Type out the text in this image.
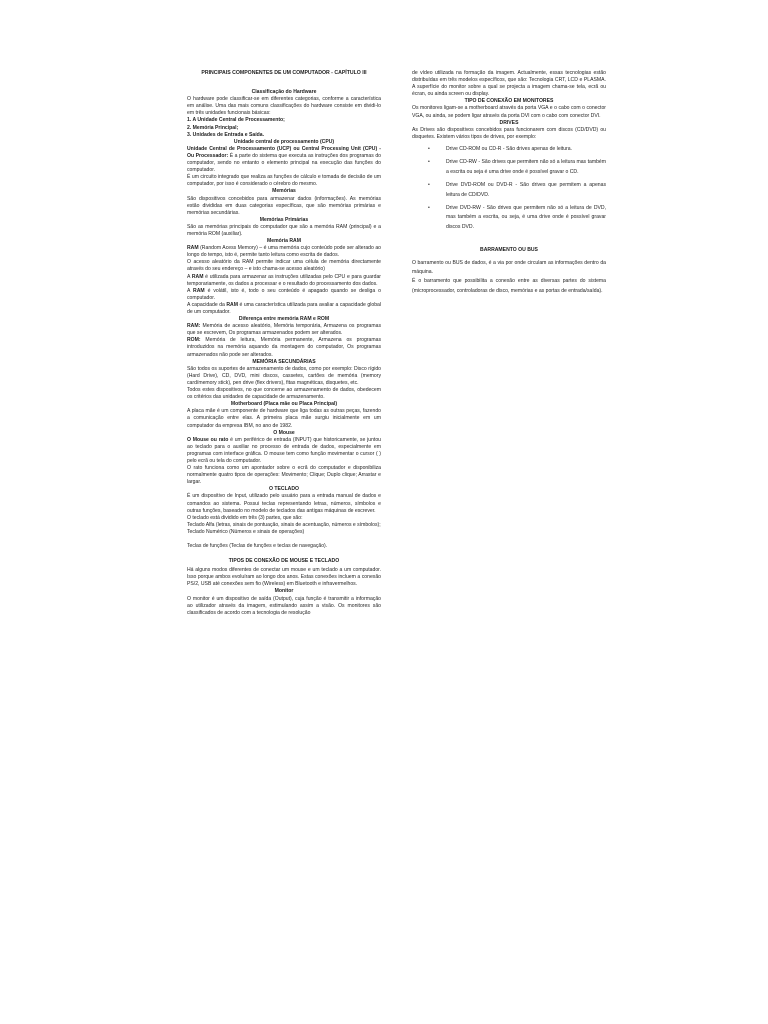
PRINCIPAIS COMPONENTES DE UM COMPUTADOR - CAPÍTULO III

Classificação do Hardware

O hardware pode classificar-se em diferentes categorias, conforme a característica em análise. Uma das mais comuns classificações do hardware consiste em dividi-lo em três unidades funcionais básicas:

1. A Unidade Central de Processamento;

2. Memória Principal;

3. Unidades de Entrada e Saída.

Unidade central de processamento (CPU)

Unidade Central de Processamento (UCP) ou Central Processing Unit (CPU) - Ou Processador: É a parte do sistema que executa as instruções dos programas do computador, sendo no entanto o elemento principal na execução das funções do computador.

É um circuito integrado que realiza as funções de cálculo e tomada de decisão de um computador, por isso é considerado o cérebro do mesmo.

Memórias

São dispositivos concebidos para armazenar dados (informações). As memórias estão divididas em duas categorias específicas, que são memórias primárias e memórias secundárias.

Memórias Primárias

São as memórias principais do computador que são a memória RAM (principal) e a memória ROM (auxiliar).

Memória RAM

RAM (Random Acess Memory) – é uma memória cujo conteúdo pode ser alterado ao longo do tempo, isto é, permite tanto leitura como escrita de dados.

O acesso aleatório da RAM permite indicar uma célula de memória directamente através do seu endereço – e isto chama-se acesso aleatório)

A RAM é utilizada para armazenar as instruções utilizadas pelo CPU e para guardar temporariamente, os dados a processar e o resultado do processamento dos dados.

A RAM é volátil, isto é, todo o seu conteúdo é apagado quando se desliga o computador.

A capacidade da RAM é uma característica utilizada para avaliar a capacidade global de um computador.

Diferença entre memória RAM e ROM

RAM: Memória de acesso aleatório, Memória temporária, Armazena os programas que se escrevem, Os programas armazenados podem ser alterados.

ROM: Memória de leitura, Memória permanente, Armazena os programas introduzidos na memória aquando da montagem do computador, Os programas armazenados não pode ser alterados.

MEMÓRIA SECUNDÁRIAS

São todos os suportes de armazenamento de dados, como por exemplo: Disco rígido (Hard Drive), CD, DVD, mini discos, cassetes, cartões de memória (memory card/memory stick), pen drive (flex drivers), fitas magnéticas, disquetes, etc.

Todos estes dispositivos, no que concerne ao armazenamento de dados, obedecem os critérios das unidades de capacidade de armazenamento.

Motherboard (Placa mãe ou Placa Principal)

A placa mãe é um componente de hardware que liga todas as outras peças, fazendo a comunicação entre elas. A primeira placa mãe surgiu inicialmente em um computador da empresa IBM, no ano de 1982.

O Mouse

O Mouse ou rato é um periférico de entrada (INPUT) que historicamente, se juntou ao teclado para o auxiliar no processo de entrada de dados, especialmente em programas com interface gráfica. O mouse tem como função movimentar o cursor ( ) pelo ecrã ou tela do computador.

O rato funciona como um apontador sobre o ecrã do computador e disponibiliza normalmente quatro tipos de operações: Movimento; Clique; Duplo clique; Arrastar e largar.

O TECLADO

É um dispositivo de Input, utilizado pelo usuário para a entrada manual de dados e comandos ao sistema. Possui teclas representando letras, números, símbolos e outras funções, baseado no modelo de teclados das antigas máquinas de escrever.

O teclado está dividido em três (3) partes, que são:

Teclado Alfa (letras, sinais de pontuação, sinais de acentuação, números e símbolos);

Teclado Numérico (Números e sinais de operações)

Teclas de funções (Teclas de funções e teclas de navegação).

TIPOS DE CONEXÃO DE MOUSE E TECLADO

Há alguns modos diferentes de conectar um mouse e um teclado a um computador. Isso porque ambos evoluíram ao longo dos anos. Estas conexões incluem a conexão PS/2, USB até conexões sem fio (Wireless) em Bluetooth e infravermelhos.

Monitor

O monitor é um dispositivo de saída (Output), cuja função é transmitir a informação ao utilizador através da imagem, estimulando assim a visão. Os monitores são classificados de acordo com a tecnologia de resolução

de vídeo utilizada na formação da imagem. Actualmente, essas tecnologias estão distribuídas em três modelos específicos, que são: Tecnologia CRT, LCD e PLASMA. A superfície do monitor sobre a qual se projecta a imagem chama-se tela, ecrã ou écran, ou ainda screen ou display.

TIPO DE CONEXÃO EM MONITORES

Os monitores ligam-se a motherboard através da porta VGA e o cabo com o conector VGA, ou ainda, se podem ligar através da porta DVI com o cabo com conector DVI.

DRIVES

As Drives são dispositivos concebidos para funcionarem com discos (CD/DVD) ou disquetes. Existem vários tipos de drives, por exemplo:

•	Drive CD-ROM ou CD-R - São drives apenas de leitura.
•	Drive CD-RW - São drives que permitem não só a leitura mas também a escrita ou seja é uma drive onde é possível gravar o CD.
•	Drive DVD-ROM ou DVD-R - São drives que permitem a apenas leitura de CD/DVD.
•	Drive DVD-RW - São drives que permitem não só a leitura de DVD, mas também a escrita, ou seja, é uma drive onde é possível gravar discos DVD.

BARRAMENTO OU BUS

O barramento ou BUS de dados, é a via por onde circulam as informações dentro da máquina.

É o barramento que possibilita a conexão entre as diversas partes do sistema (microprocessador, controladoras de disco, memórias e as portas de entrada/saída).
